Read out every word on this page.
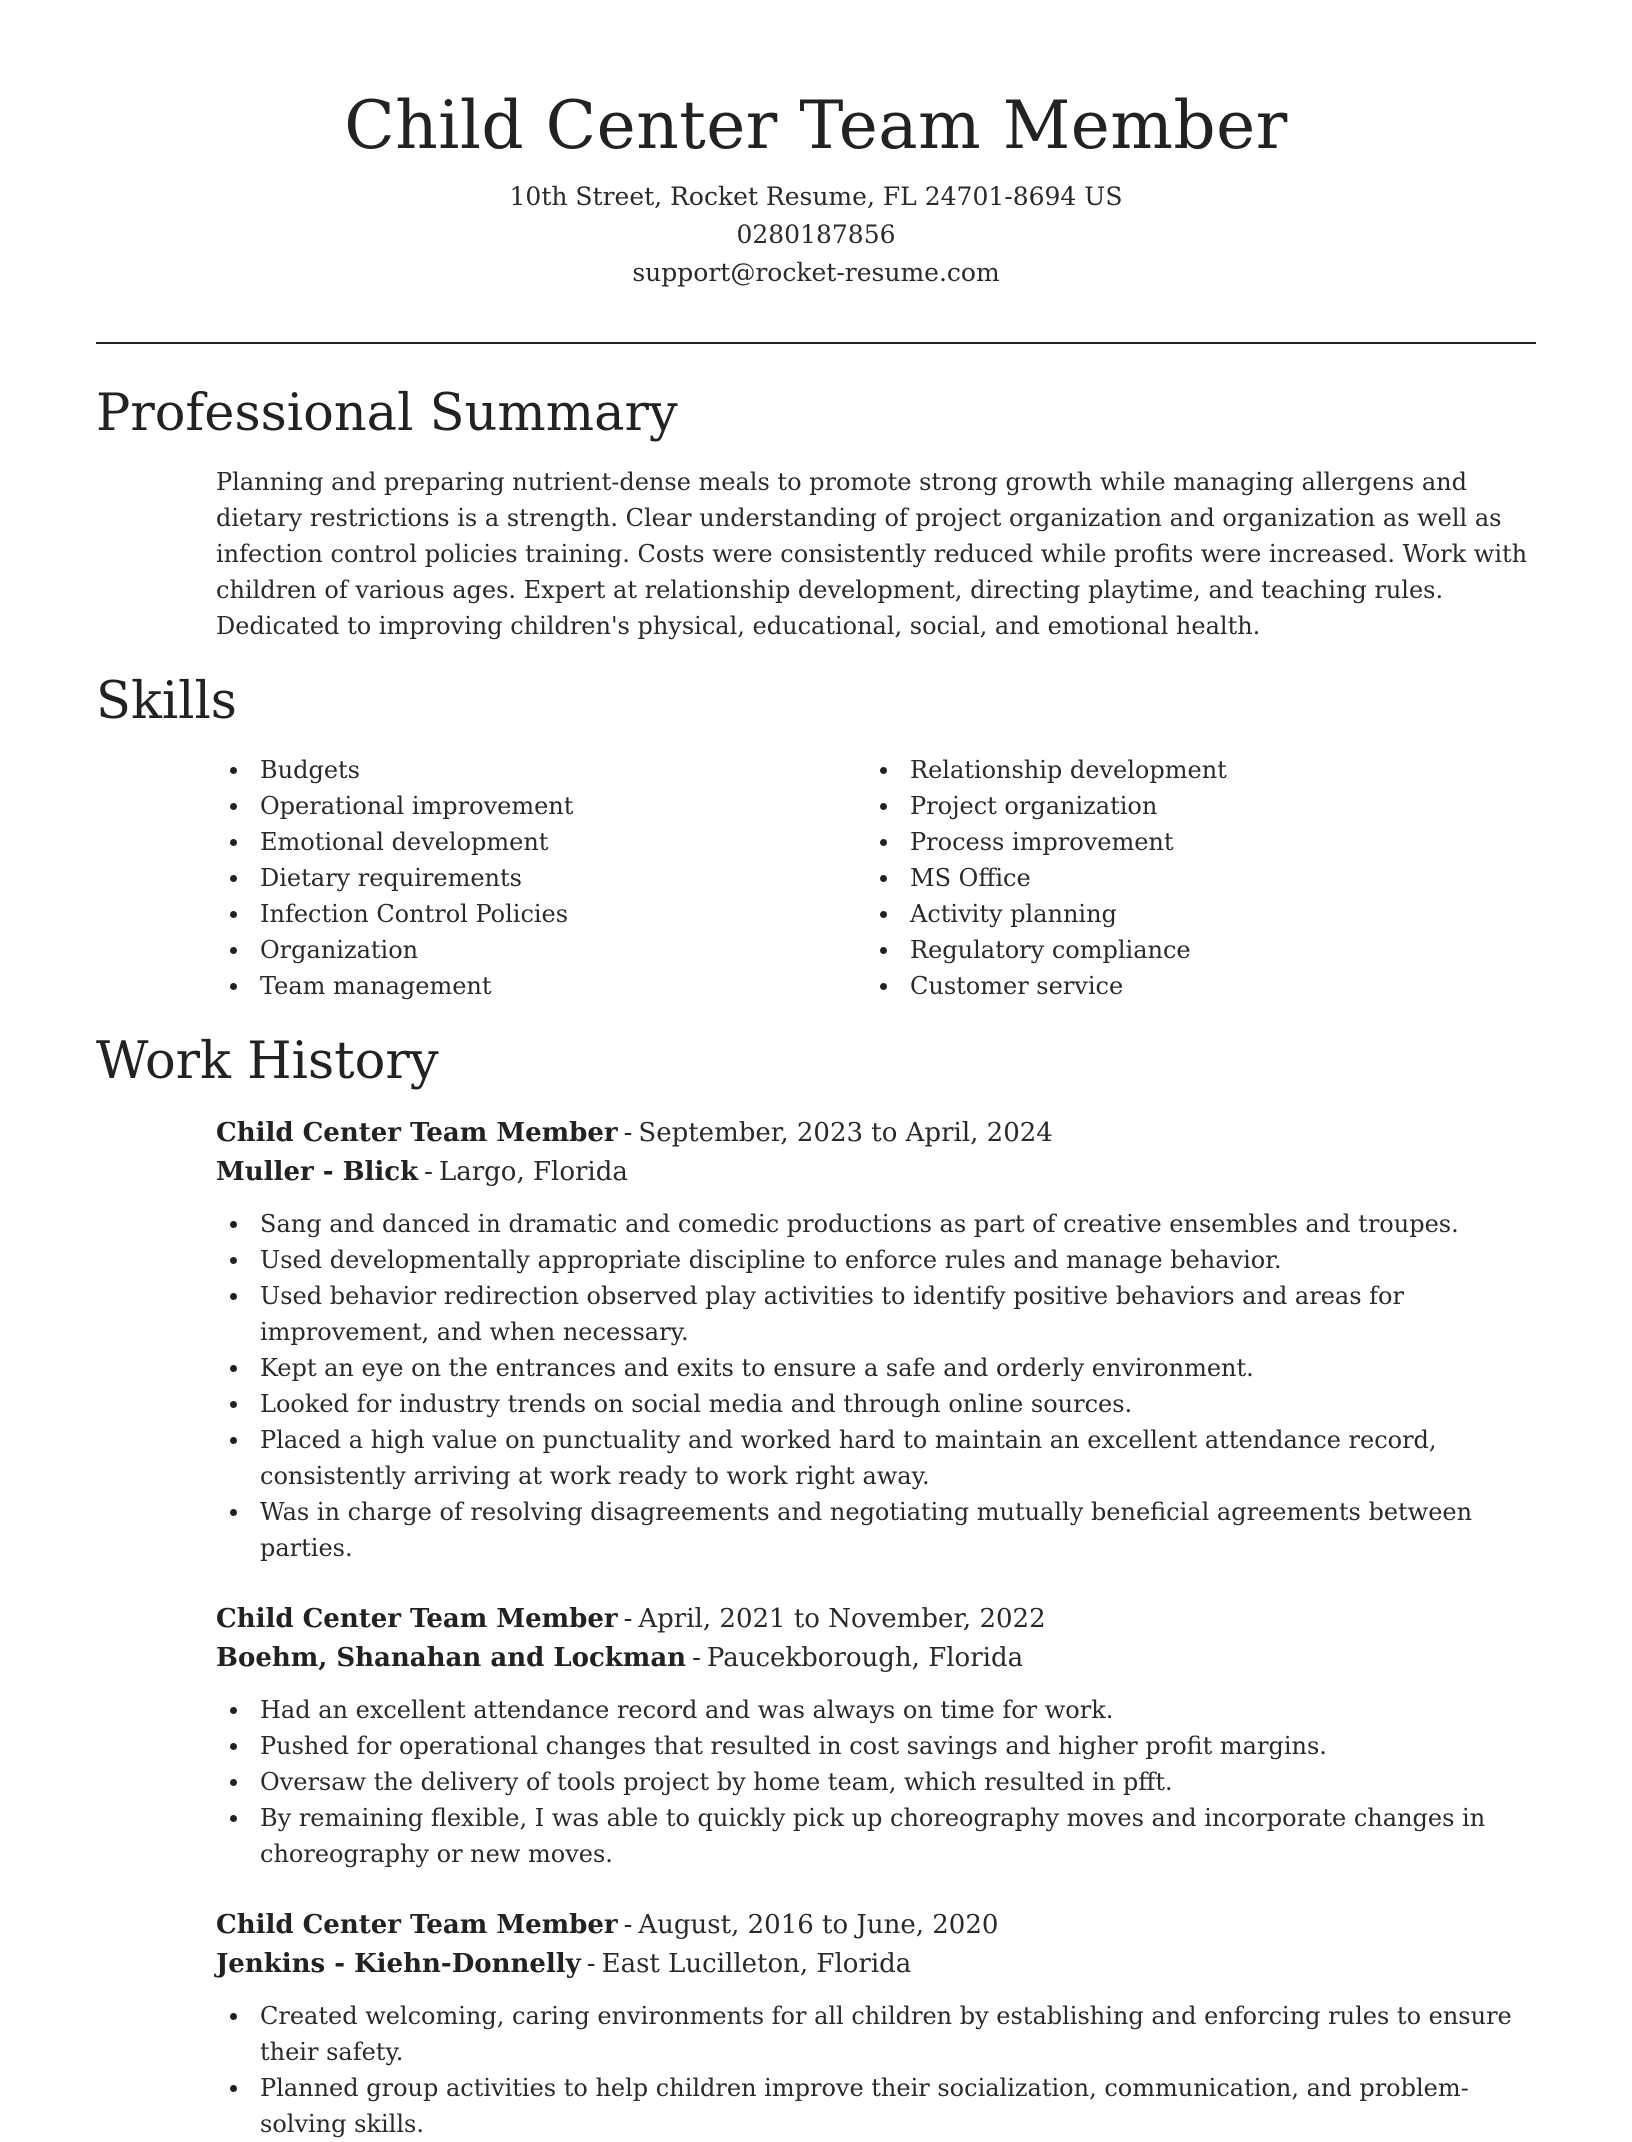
Child Center Team Member
10th Street, Rocket Resume, FL 24701-8694 US
0280187856
support@rocket-resume.com
Professional Summary

Planning and preparing nutrient-dense meals to promote strong growth while managing allergens and dietary restrictions is a strength. Clear understanding of project organization and organization as well as infection control policies training. Costs were consistently reduced while profits were increased. Work with children of various ages. Expert at relationship development, directing playtime, and teaching rules. Dedicated to improving children's physical, educational, social, and emotional health.

Skills
Budgets
Operational improvement
Emotional development
Dietary requirements
Infection Control Policies
Organization
Team management
Relationship development
Project organization
Process improvement
MS Office
Activity planning
Regulatory compliance
Customer service
Work History
Child Center Team Member - September, 2023 to April, 2024
Muller - Blick - Largo, Florida
Sang and danced in dramatic and comedic productions as part of creative ensembles and troupes.
Used developmentally appropriate discipline to enforce rules and manage behavior.
Used behavior redirection observed play activities to identify positive behaviors and areas for improvement, and when necessary.
Kept an eye on the entrances and exits to ensure a safe and orderly environment.
Looked for industry trends on social media and through online sources.
Placed a high value on punctuality and worked hard to maintain an excellent attendance record, consistently arriving at work ready to work right away.
Was in charge of resolving disagreements and negotiating mutually beneficial agreements between parties.
Child Center Team Member - April, 2021 to November, 2022
Boehm, Shanahan and Lockman - Paucekborough, Florida
Had an excellent attendance record and was always on time for work.
Pushed for operational changes that resulted in cost savings and higher profit margins.
Oversaw the delivery of tools project by home team, which resulted in pfft.
By remaining flexible, I was able to quickly pick up choreography moves and incorporate changes in choreography or new moves.
Child Center Team Member - August, 2016 to June, 2020
Jenkins - Kiehn-Donnelly - East Lucilleton, Florida
Created welcoming, caring environments for all children by establishing and enforcing rules to ensure their safety.
Planned group activities to help children improve their socialization, communication, and problem-solving skills.
